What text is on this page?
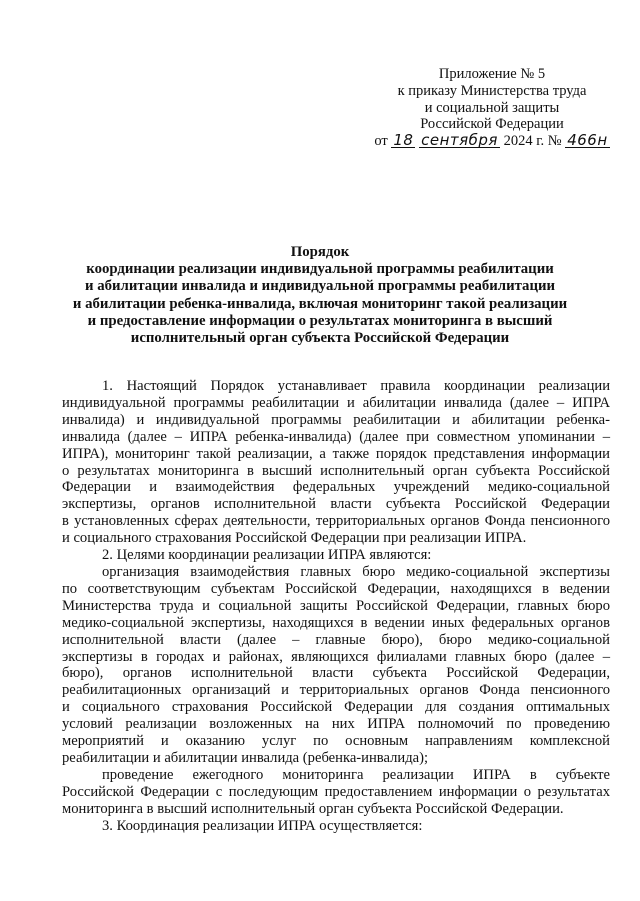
Приложение № 5
к приказу Министерства труда
и социальной защиты
Российской Федерации
от 18 сентября 2024 г. № 466н
Порядок
координации реализации индивидуальной программы реабилитации
и абилитации инвалида и индивидуальной программы реабилитации
и абилитации ребенка-инвалида, включая мониторинг такой реализации
и предоставление информации о результатах мониторинга в высший
исполнительный орган субъекта Российской Федерации
1. Настоящий Порядок устанавливает правила координации реализации
индивидуальной программы реабилитации и абилитации инвалида (далее – ИПРА
инвалида) и индивидуальной программы реабилитации и абилитации ребенка-
инвалида (далее – ИПРА ребенка-инвалида) (далее при совместном упоминании –
ИПРА), мониторинг такой реализации, а также порядок представления информации
о результатах мониторинга в высший исполнительный орган субъекта Российской
Федерации и взаимодействия федеральных учреждений медико-социальной
экспертизы, органов исполнительной власти субъекта Российской Федерации
в установленных сферах деятельности, территориальных органов Фонда пенсионного
и социального страхования Российской Федерации при реализации ИПРА.
2. Целями координации реализации ИПРА являются:
организация взаимодействия главных бюро медико-социальной экспертизы
по соответствующим субъектам Российской Федерации, находящихся в ведении
Министерства труда и социальной защиты Российской Федерации, главных бюро
медико-социальной экспертизы, находящихся в ведении иных федеральных органов
исполнительной власти (далее – главные бюро), бюро медико-социальной
экспертизы в городах и районах, являющихся филиалами главных бюро (далее –
бюро), органов исполнительной власти субъекта Российской Федерации,
реабилитационных организаций и территориальных органов Фонда пенсионного
и социального страхования Российской Федерации для создания оптимальных
условий реализации возложенных на них ИПРА полномочий по проведению
мероприятий и оказанию услуг по основным направлениям комплексной
реабилитации и абилитации инвалида (ребенка-инвалида);
проведение ежегодного мониторинга реализации ИПРА в субъекте
Российской Федерации с последующим предоставлением информации о результатах
мониторинга в высший исполнительный орган субъекта Российской Федерации.
3. Координация реализации ИПРА осуществляется:
